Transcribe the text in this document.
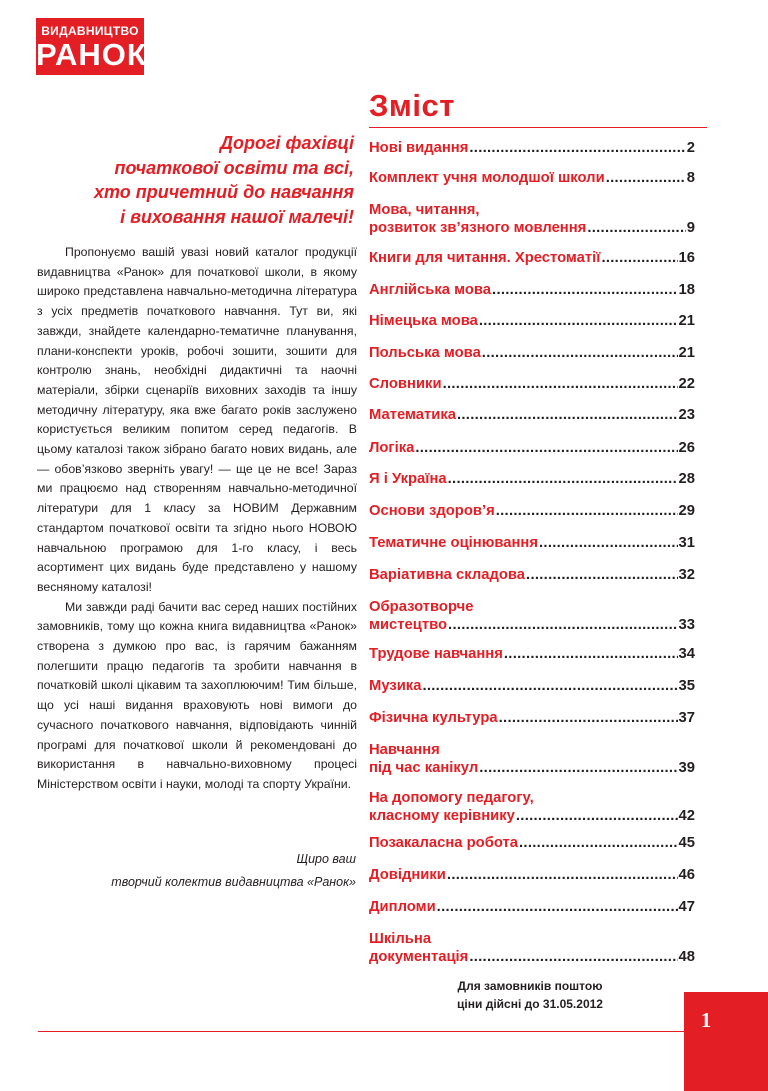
ВИДАВНИЦТВО
РАНОК
Дорогі фахівці
початкової освіти та всі,
хто причетний до навчання
і виховання нашої малечі!

Пропонуємо вашій увазі новий каталог продукції видавництва «Ранок» для початкової школи, в якому широко представлена навчально-методична література з усіх предметів початкового навчання. Тут ви, які завжди, знайдете календарно-тематичне планування, плани-конспекти уроків, робочі зошити, зошити для контролю знань, необхідні дидактичні та наочні матеріали, збірки сценаріїв виховних заходів та іншу методичну літературу, яка вже багато років заслужено користується великим попитом серед педагогів. В цьому каталозі також зібрано багато нових видань, але — обов’язково зверніть увагу! — ще це не все! Зараз ми працюємо над створенням навчально-методичної літератури для 1 класу за НОВИМ Державним стандартом початкової освіти та згідно нього НОВОЮ навчальною програмою для 1-го класу, і весь асортимент цих видань буде представлено у нашому весняному каталозі!

Ми завжди раді бачити вас серед наших постійних замовників, тому що кожна книга видавництва «Ранок» створена з думкою про вас, із гарячим бажанням полегшити працю педагогів та зробити навчання в початковій школі цікавим та захоплюючим! Тим більше, що усі наші видання враховують нові вимоги до сучасного початкового навчання, відповідають чинній програмі для початкової школи й рекомендовані до використання в навчально-виховному процесі Міністерством освіти і науки, молоді та спорту України.

Щиро ваш
творчий колектив видавництва «Ранок»
Зміст
Нові видання .....	2
Комплект учня молодшої школи .....	8
Мова, читання,
розвиток зв’язного мовлення .....	9
Книги для читання. Хрестоматії .....	16
Англійська мова .....	18
Німецька мова .....	21
Польська мова .....	21
Словники .....	22
Математика .....	23
Логіка .....	26
Я і Україна .....	28
Основи здоров’я .....	29
Тематичне оцінювання .....	31
Варіативна складова .....	32
Образотворче
мистецтво .....	33
Трудове навчання .....	34
Музика .....	35
Фізична культура .....	37
Навчання
під час канікул .....	39
На допомогу педагогу,
класному керівнику .....	42
Позакаласна робота .....	45
Довідники .....	46
Дипломи .....	47
Шкільна
документація .....	48
Для замовників поштою
ціни дійсні до 31.05.2012
1
